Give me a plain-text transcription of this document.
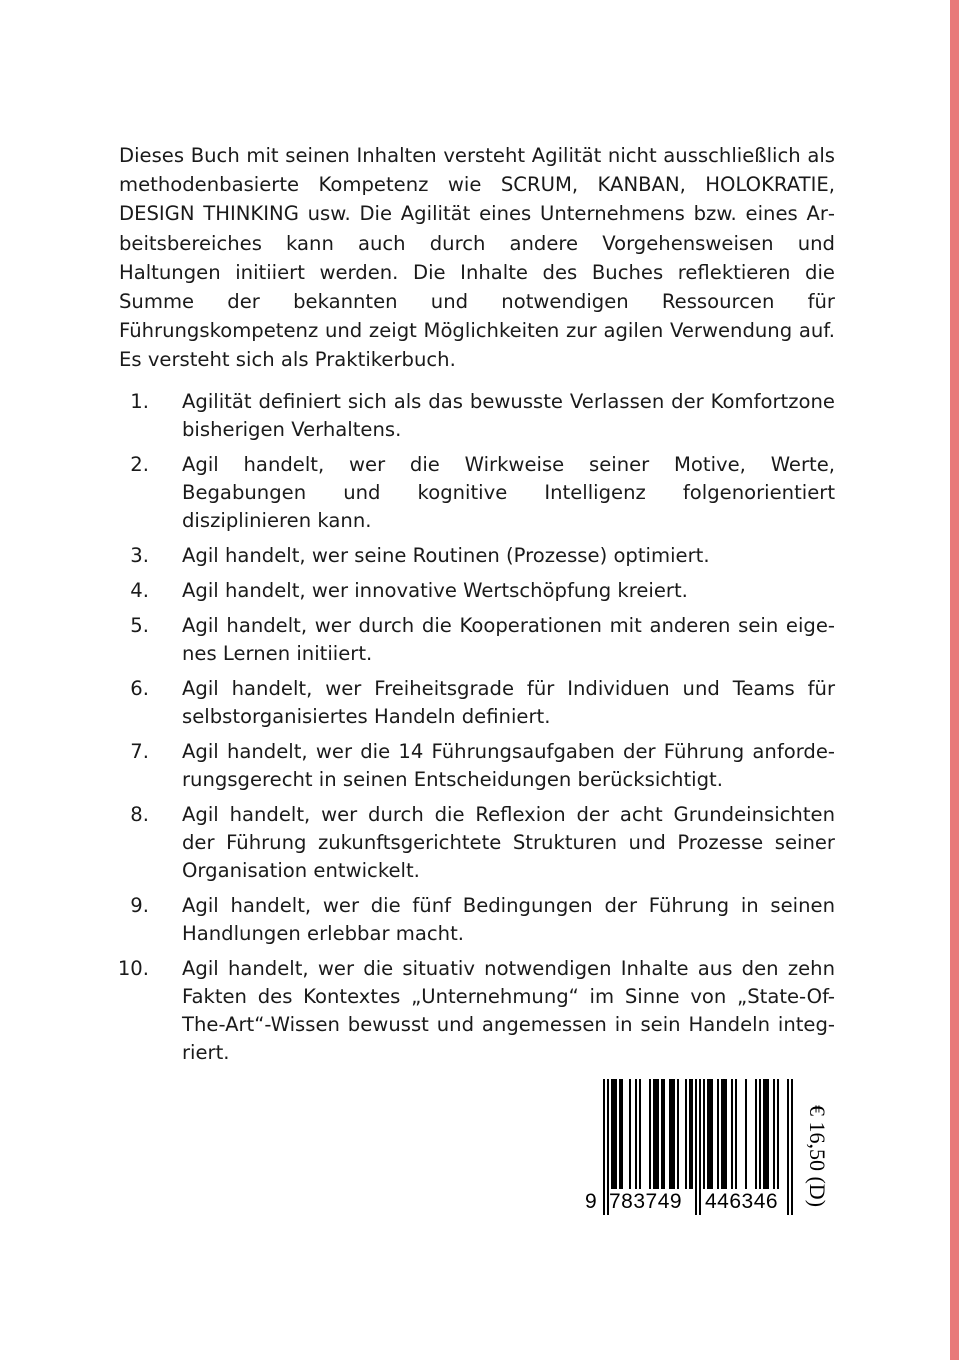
Dieses Buch mit seinen Inhalten versteht Agilität nicht ausschließlich als methodenbasierte Kompetenz wie SCRUM, KANBAN, HOLOKRATIE, DESIGN THINKING usw. Die Agilität eines Unternehmens bzw. eines Arbeitsbereiches kann auch durch andere Vorgehensweisen und Haltungen initiiert werden. Die Inhalte des Buches reflektieren die Summe der bekannten und notwendigen Ressourcen für Führungskompetenz und zeigt Möglichkeiten zur agilen Verwendung auf. Es versteht sich als Praktikerbuch.

1. Agilität definiert sich als das bewusste Verlassen der Komfortzone bisherigen Verhaltens.
2. Agil handelt, wer die Wirkweise seiner Motive, Werte, Begabungen und kognitive Intelligenz folgenorientiert disziplinieren kann.
3. Agil handelt, wer seine Routinen (Prozesse) optimiert.
4. Agil handelt, wer innovative Wertschöpfung kreiert.
5. Agil handelt, wer durch die Kooperationen mit anderen sein eigenes Lernen initiiert.
6. Agil handelt, wer Freiheitsgrade für Individuen und Teams für selbstorganisiertes Handeln definiert.
7. Agil handelt, wer die 14 Führungsaufgaben der Führung anforderungsgerecht in seinen Entscheidungen berücksichtigt.
8. Agil handelt, wer durch die Reflexion der acht Grundeinsichten der Führung zukunftsgerichtete Strukturen und Prozesse seiner Organisation entwickelt.
9. Agil handelt, wer die fünf Bedingungen der Führung in seinen Handlungen erlebbar macht.
10. Agil handelt, wer die situativ notwendigen Inhalte aus den zehn Fakten des Kontextes „Unternehmung“ im Sinne von „State-Of-The-Art“-Wissen bewusst und angemessen in sein Handeln integriert.
9 783749 446346 € 16,50 (D)
